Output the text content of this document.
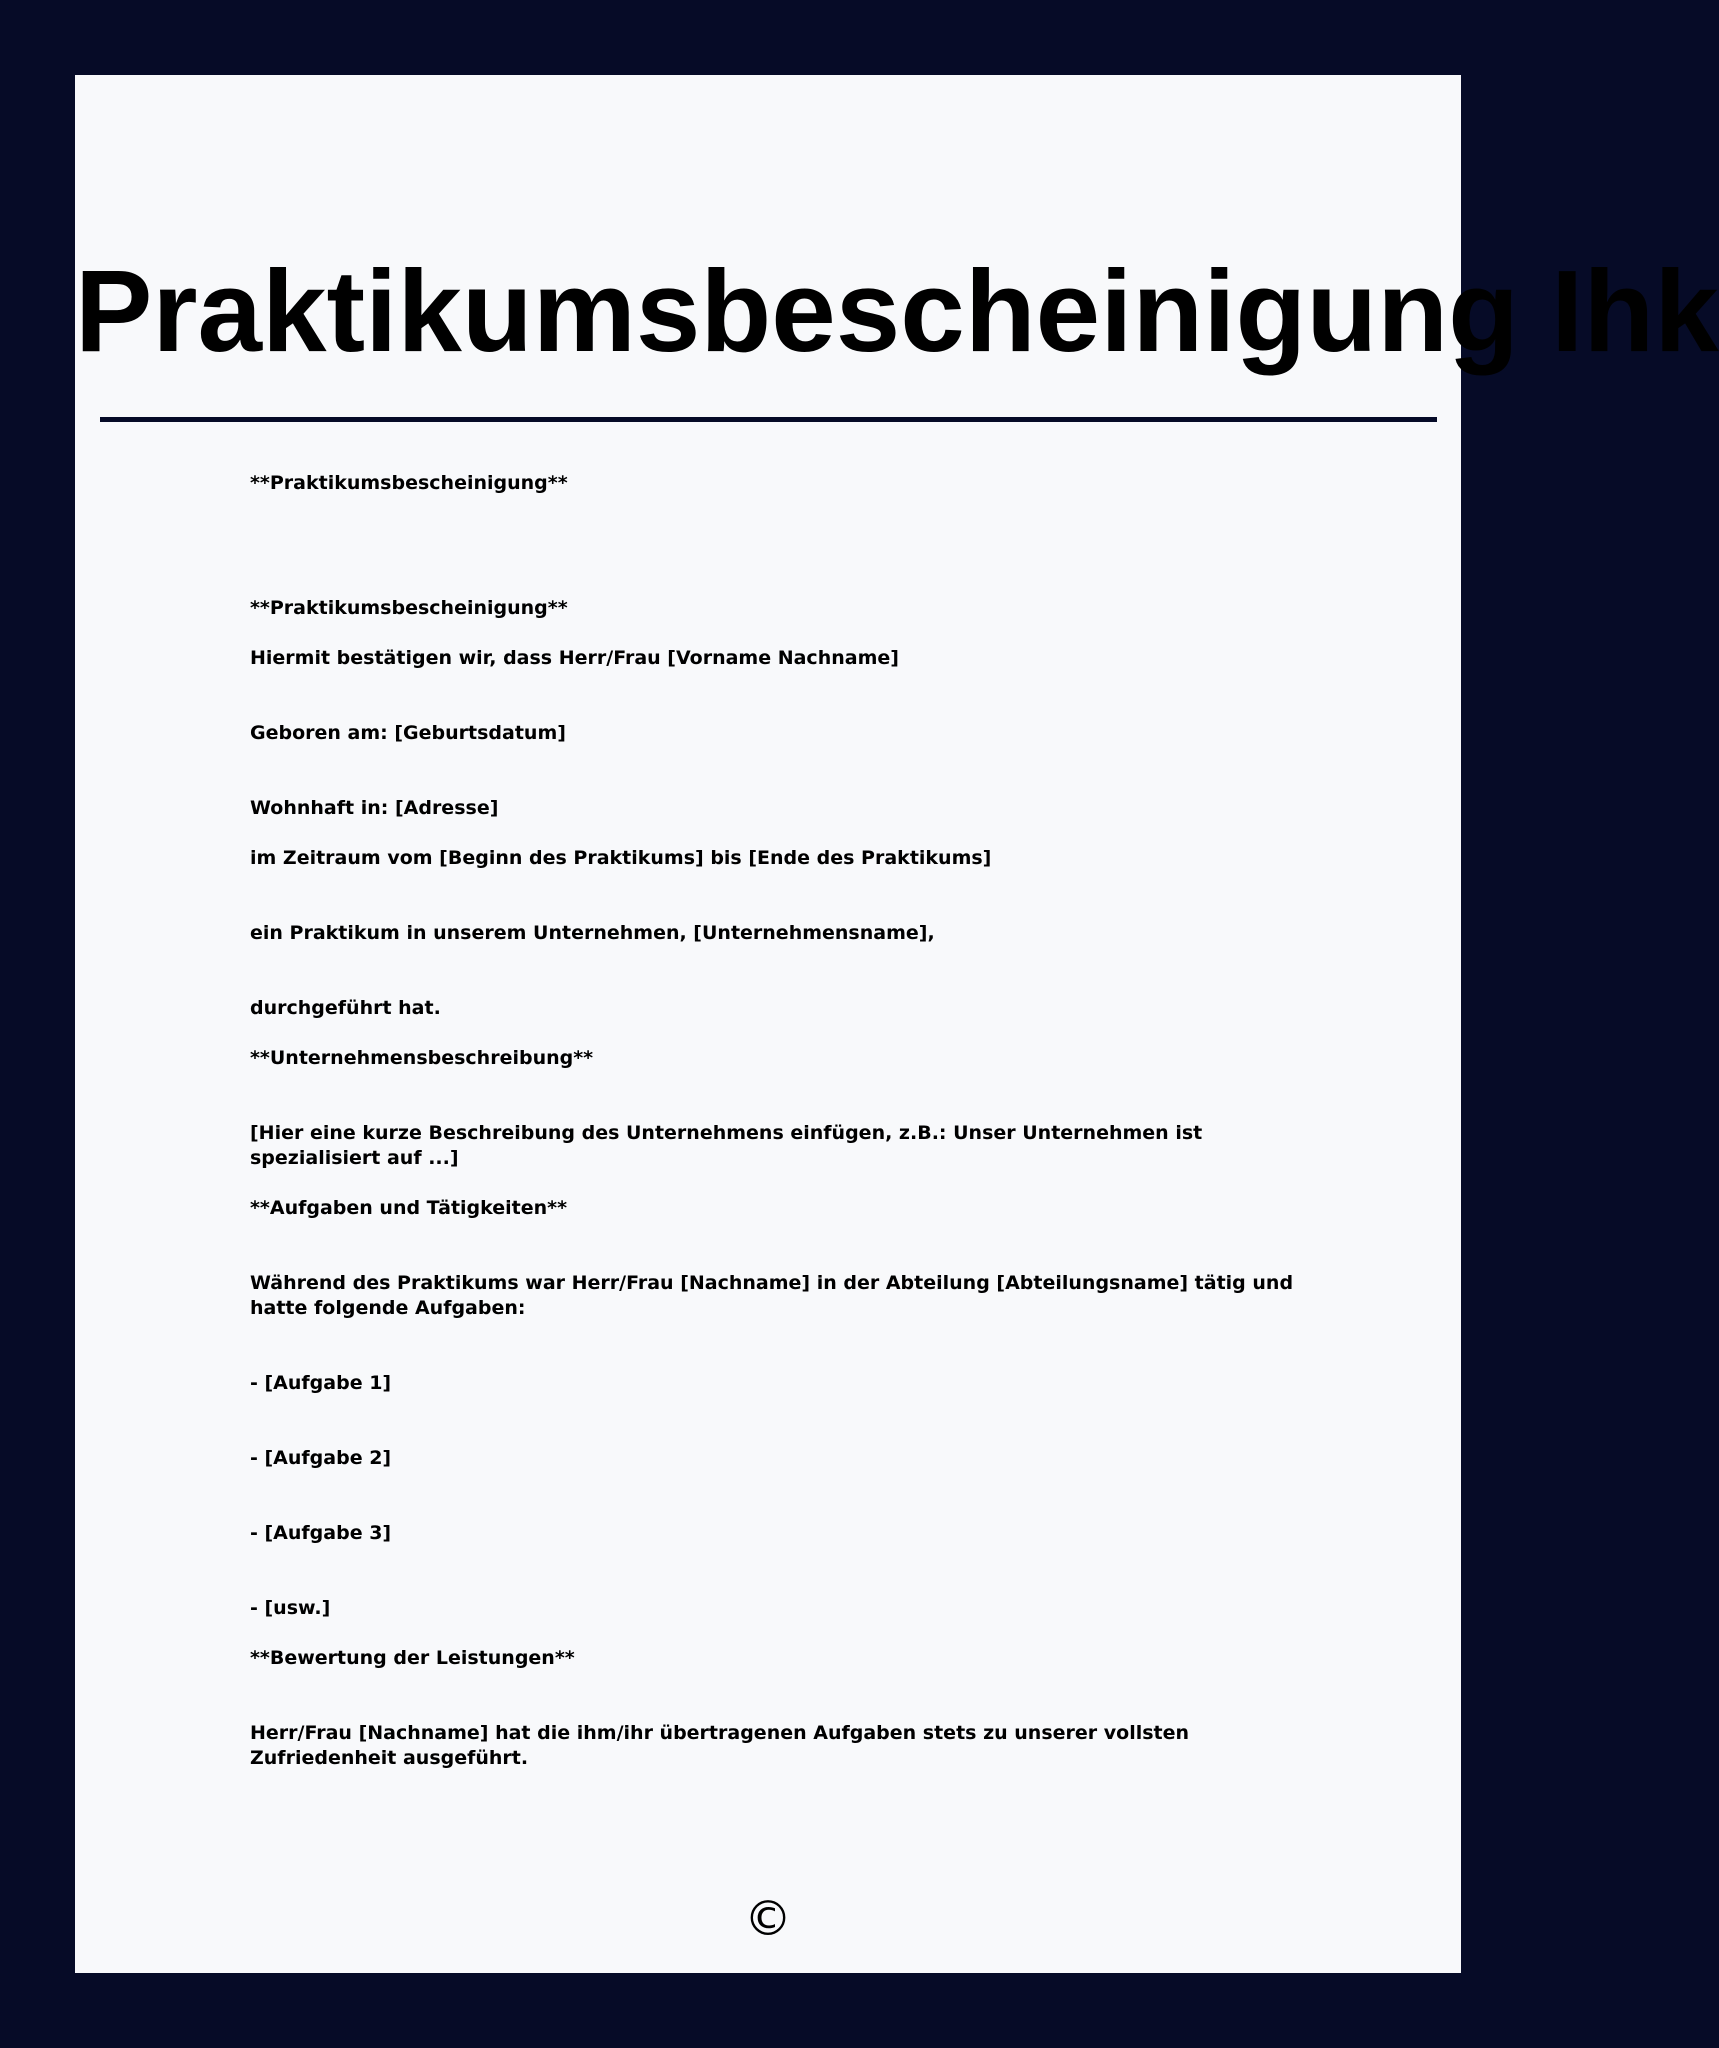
Praktikumsbescheinigung Ihk

**Praktikumsbescheinigung**

**Praktikumsbescheinigung**

Hiermit bestätigen wir, dass Herr/Frau [Vorname Nachname]

Geboren am: [Geburtsdatum]

Wohnhaft in: [Adresse]

im Zeitraum vom [Beginn des Praktikums] bis [Ende des Praktikums]

ein Praktikum in unserem Unternehmen, [Unternehmensname],

durchgeführt hat.

**Unternehmensbeschreibung**

[Hier eine kurze Beschreibung des Unternehmens einfügen, z.B.: Unser Unternehmen ist spezialisiert auf ...]

**Aufgaben und Tätigkeiten**

Während des Praktikums war Herr/Frau [Nachname] in der Abteilung [Abteilungsname] tätig und hatte folgende Aufgaben:

- [Aufgabe 1]

- [Aufgabe 2]

- [Aufgabe 3]

- [usw.]

**Bewertung der Leistungen**

Herr/Frau [Nachname] hat die ihm/ihr übertragenen Aufgaben stets zu unserer vollsten Zufriedenheit ausgeführt.

©
